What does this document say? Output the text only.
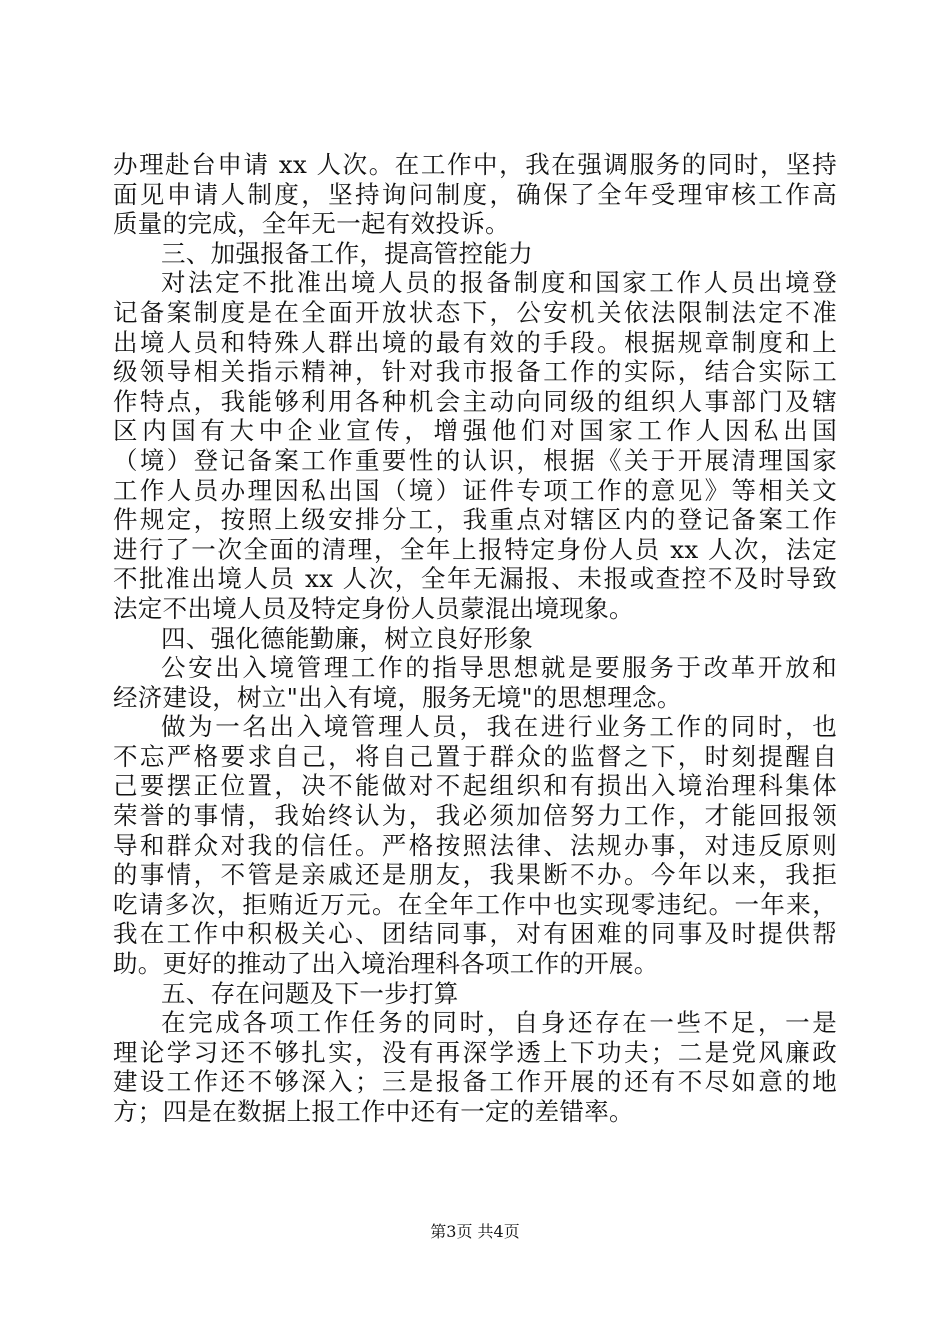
办理赴台申请 xx 人次。在工作中，我在强调服务的同时，坚持
面见申请人制度，坚持询问制度，确保了全年受理审核工作高
质量的完成，全年无一起有效投诉。
三、加强报备工作，提高管控能力
对法定不批准出境人员的报备制度和国家工作人员出境登
记备案制度是在全面开放状态下，公安机关依法限制法定不准
出境人员和特殊人群出境的最有效的手段。根据规章制度和上
级领导相关指示精神，针对我市报备工作的实际，结合实际工
作特点，我能够利用各种机会主动向同级的组织人事部门及辖
区内国有大中企业宣传，增强他们对国家工作人因私出国
（境）登记备案工作重要性的认识，根据《关于开展清理国家
工作人员办理因私出国（境）证件专项工作的意见》等相关文
件规定，按照上级安排分工，我重点对辖区内的登记备案工作
进行了一次全面的清理，全年上报特定身份人员 xx 人次，法定
不批准出境人员 xx 人次，全年无漏报、未报或查控不及时导致
法定不出境人员及特定身份人员蒙混出境现象。
四、强化德能勤廉，树立良好形象
公安出入境管理工作的指导思想就是要服务于改革开放和
经济建设，树立"出入有境，服务无境"的思想理念。
做为一名出入境管理人员，我在进行业务工作的同时，也
不忘严格要求自己，将自己置于群众的监督之下，时刻提醒自
己要摆正位置，决不能做对不起组织和有损出入境治理科集体
荣誉的事情，我始终认为，我必须加倍努力工作，才能回报领
导和群众对我的信任。严格按照法律、法规办事，对违反原则
的事情，不管是亲戚还是朋友，我果断不办。今年以来，我拒
吃请多次，拒贿近万元。在全年工作中也实现零违纪。一年来，
我在工作中积极关心、团结同事，对有困难的同事及时提供帮
助。更好的推动了出入境治理科各项工作的开展。
五、存在问题及下一步打算
在完成各项工作任务的同时，自身还存在一些不足，一是
理论学习还不够扎实，没有再深学透上下功夫；二是党风廉政
建设工作还不够深入；三是报备工作开展的还有不尽如意的地
方；四是在数据上报工作中还有一定的差错率。
第3页 共4页
